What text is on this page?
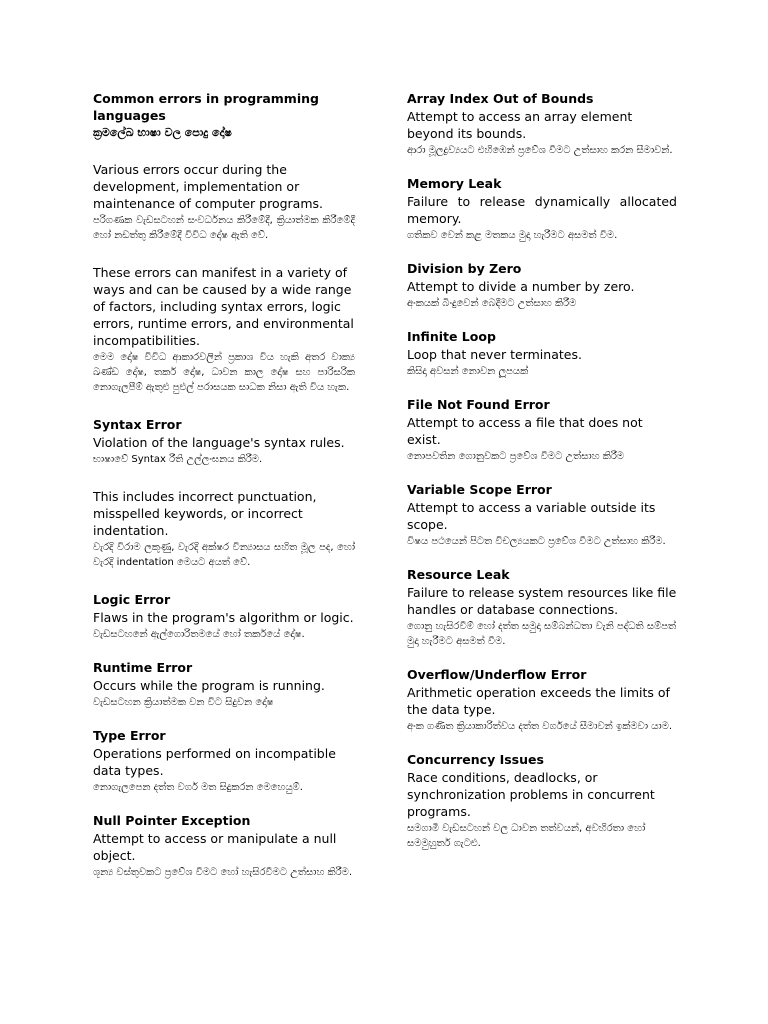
Common errors in programming languages
ක්‍රමලේඛ භාෂා වල පොදු දෝෂ
Various errors occur during the development, implementation or maintenance of computer programs.
පරිගණක වැඩසටහන් සංවර්ධනය කිරීමේදී, ක්‍රියාත්මක කිරීමේදී හෝ නඩත්තු කිරීමේදී විවිධ දෝෂ ඇති වේ.
These errors can manifest in a variety of ways and can be caused by a wide range of factors, including syntax errors, logic errors, runtime errors, and environmental incompatibilities.
මෙම දෝෂ විවිධ ආකාරවලින් ප්‍රකාශ විය හැකි අතර වාක්‍ය ඛණ්ඩ දෝෂ, තර්ක දෝෂ, ධාවන කාල දෝෂ සහ පාරිසරික නොගැලපීම් ඇතුළු පුළුල් පරාසයක සාධක නිසා ඇති විය හැක.
Syntax Error
Violation of the language's syntax rules.
භාෂාවේ Syntax රීති උල්ලංඝනය කිරීම.
This includes incorrect punctuation, misspelled keywords, or incorrect indentation.
වැරදි විරාම ලකුණු, වැරදි අක්ෂර වින්‍යාසය සහිත මූල පද, හෝ වැරදි indentation මෙයට අයත් වේ.
Logic Error
Flaws in the program's algorithm or logic.
වැඩසටහනේ ඇල්ගොරිතමයේ හෝ තර්කයේ දෝෂ.
Runtime Error
Occurs while the program is running.
වැඩසටහන ක්‍රියාත්මක වන විට සිදුවන දෝෂ
Type Error
Operations performed on incompatible data types.
නොගැලපෙන දත්ත වර්ග මත සිදුකරන මෙහෙයුම්.
Null Pointer Exception
Attempt to access or manipulate a null object.
ශූන්‍ය වස්තුවකට ප්‍රවේශ වීමට හෝ හැසිරවීමට උත්සාහ කිරීම.
Array Index Out of Bounds
Attempt to access an array element beyond its bounds.
ආරා මූලද්‍රව්‍යයට එහිඹෙන් ප්‍රවේශ වීමට උත්සාහ කරන සීමාවන්.
Memory Leak
Failure to release dynamically allocated memory.
ගතිකව වෙන් කළ මතකය මුදා හැරීමට අසමත් වීම.
Division by Zero
Attempt to divide a number by zero.
අංකයක් බිංදුවෙන් බෙදීමට උත්සාහ කිරීම
Infinite Loop
Loop that never terminates.
කිසිදා අවසන් නොවන ලූපයක්
File Not Found Error
Attempt to access a file that does not exist.
නොපවතින ගොනුවකට ප්‍රවේශ වීමට උත්සාහ කිරීම
Variable Scope Error
Attempt to access a variable outside its scope.
විෂය පථයෙන් පිටත විචල්‍යයකට ප්‍රවේශ වීමට උත්සාහ කිරීම.
Resource Leak
Failure to release system resources like file handles or database connections.
ගොනු හැසිරවීම් හෝ දත්ත සමුදා සම්බන්ධතා වැනි පද්ධති සම්පත් මුදා හැරීමට අසමත් වීම.
Overflow/Underflow Error
Arithmetic operation exceeds the limits of the data type.
අංක ගණිත ක්‍රියාකාරිත්වය දත්ත වර්ගයේ සීමාවන් ඉක්මවා යාම.
Concurrency Issues
Race conditions, deadlocks, or synchronization problems in concurrent programs.
සමගාමී වැඩසටහන් වල ධාවන තත්වයන්, අවහිරතා හෝ සමමුහුර්ත ගැටළු.
